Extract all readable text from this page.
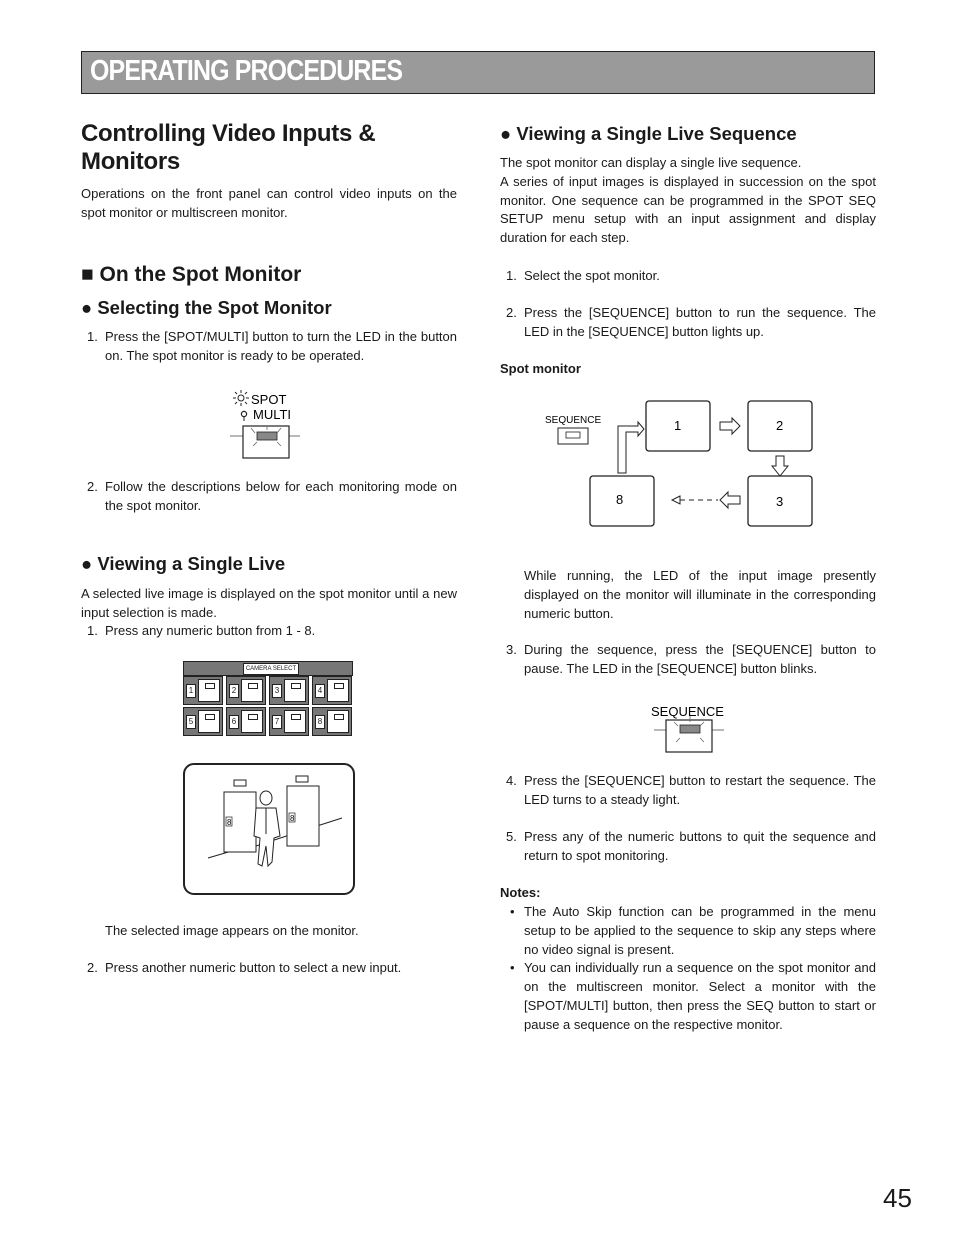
OPERATING PROCEDURES
Controlling Video Inputs & Monitors

Operations on the front panel can control video inputs on the spot monitor or multiscreen monitor.

■ On the Spot Monitor
● Selecting the Spot Monitor
1. Press the [SPOT/MULTI] button to turn the LED in the button on. The spot monitor is ready to be operated.
SPOT
MULTI
2. Follow the descriptions below for each monitoring mode on the spot monitor.
● Viewing a Single Live

A selected live image is displayed on the spot monitor until a new input selection is made.

1. Press any numeric button from 1 - 8.
CAMERA SELECT
1	2	3	4
5	6	7	8
8	8
The selected image appears on the monitor.
2. Press another numeric button to select a new input.
● Viewing a Single Live Sequence

The spot monitor can display a single live sequence.
A series of input images is displayed in succession on the spot monitor. One sequence can be programmed in the SPOT SEQ SETUP menu setup with an input assignment and display duration for each step.

1. Select the spot monitor.
2. Press the [SEQUENCE] button to run the sequence. The LED in the [SEQUENCE] button lights up.
Spot monitor
SEQUENCE	1	2
3
8
While running, the LED of the input image presently displayed on the monitor will illuminate in the corresponding numeric button.
3. During the sequence, press the [SEQUENCE] button to pause. The LED in the [SEQUENCE] button blinks.
SEQUENCE
4. Press the [SEQUENCE] button to restart the sequence. The LED turns to a steady light.
5. Press any of the numeric buttons to quit the sequence and return to spot monitoring.
Notes:
• The Auto Skip function can be programmed in the menu setup to be applied to the sequence to skip any steps where no video signal is present.
• You can individually run a sequence on the spot monitor and on the multiscreen monitor. Select a monitor with the [SPOT/MULTI] button, then press the SEQ button to start or pause a sequence on the respective monitor.
45
